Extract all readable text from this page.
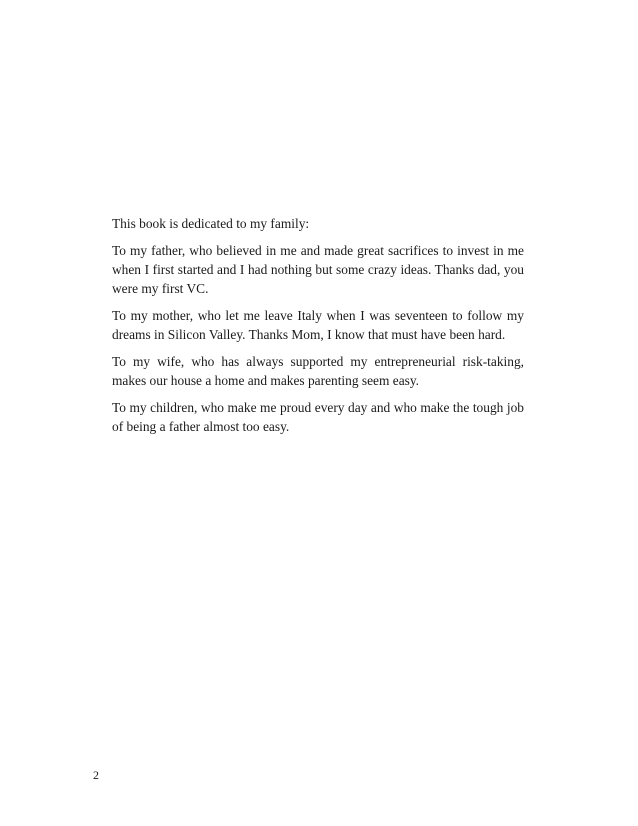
This book is dedicated to my family:

To my father, who believed in me and made great sacrifices to invest in me when I first started and I had nothing but some crazy ideas. Thanks dad, you were my first VC.

To my mother, who let me leave Italy when I was seventeen to follow my dreams in Silicon Valley. Thanks Mom, I know that must have been hard.

To my wife, who has always supported my entrepreneurial risk-taking, makes our house a home and makes parenting seem easy.

To my children, who make me proud every day and who make the tough job of being a father almost too easy.

2
